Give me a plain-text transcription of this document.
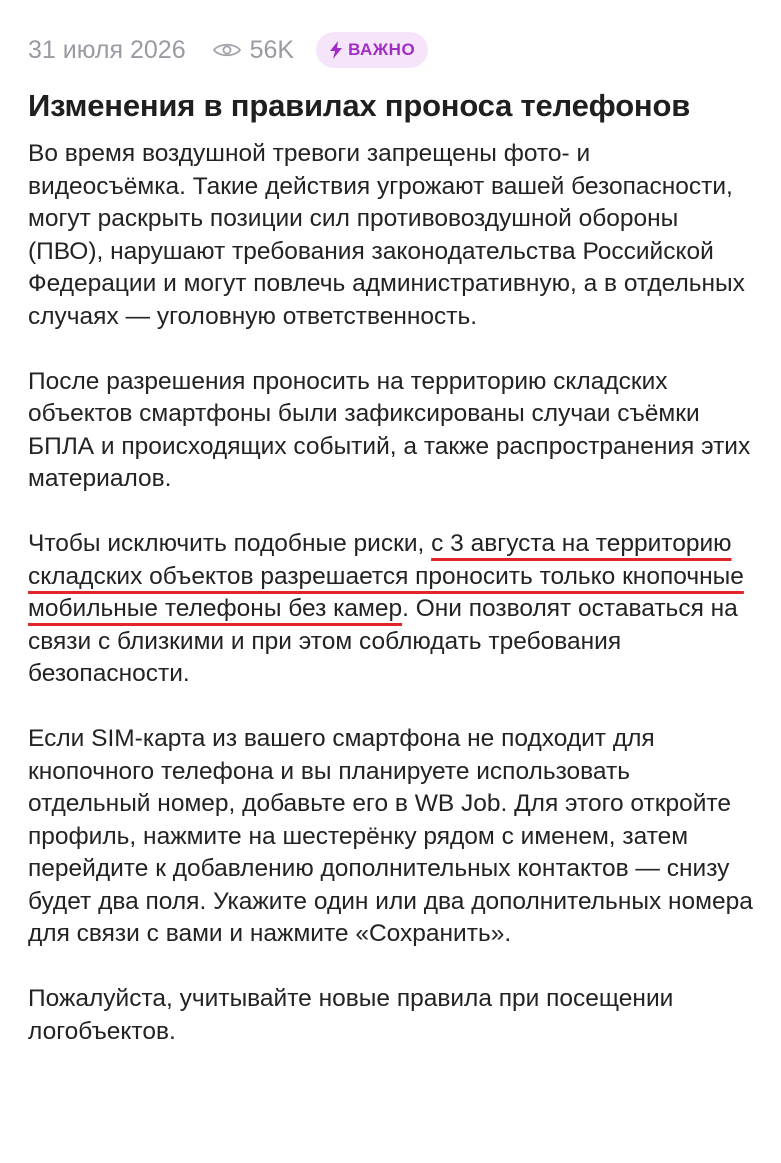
31 июля 2026	56K	ВАЖНО
Изменения в правилах проноса телефонов

Во время воздушной тревоги запрещены фото- и видеосъёмка. Такие действия угрожают вашей безопасности, могут раскрыть позиции сил противовоздушной обороны (ПВО), нарушают требования законодательства Российской Федерации и могут повлечь административную, а в отдельных случаях — уголовную ответственность.

После разрешения проносить на территорию складских объектов смартфоны были зафиксированы случаи съёмки БПЛА и происходящих событий, а также распространения этих материалов.

Чтобы исключить подобные риски, с 3 августа на территорию складских объектов разрешается проносить только кнопочные мобильные телефоны без камер. Они позволят оставаться на связи с близкими и при этом соблюдать требования безопасности.

Если SIM-карта из вашего смартфона не подходит для кнопочного телефона и вы планируете использовать отдельный номер, добавьте его в WB Job. Для этого откройте профиль, нажмите на шестерёнку рядом с именем, затем перейдите к добавлению дополнительных контактов — снизу будет два поля. Укажите один или два дополнительных номера для связи с вами и нажмите «Сохранить».

Пожалуйста, учитывайте новые правила при посещении логобъектов.
